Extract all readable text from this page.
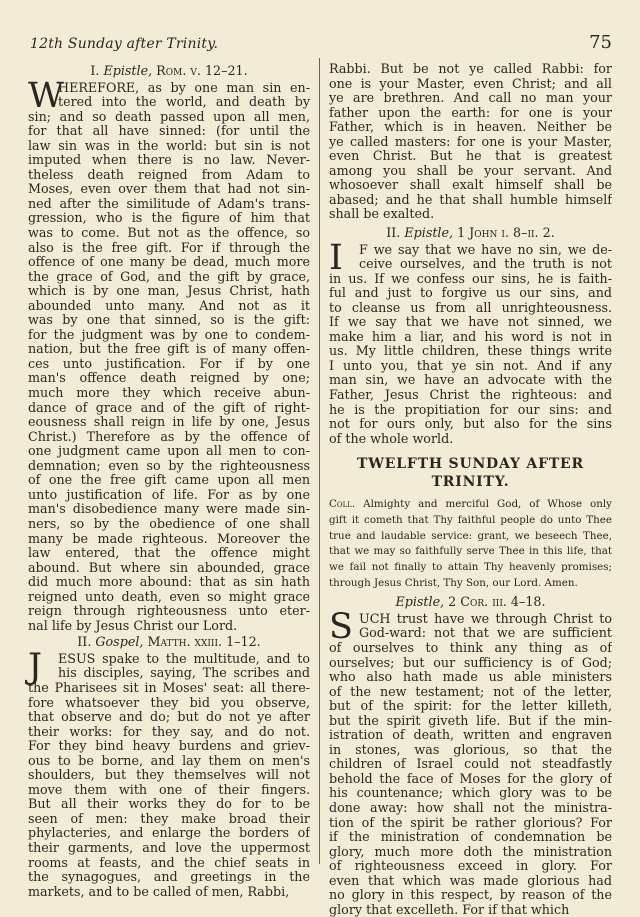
12th Sunday after Trinity.	75
I. Epistle, Rom. v. 12–21.
W
HEREFORE, as by one man sin en-
tered into the world, and death by
sin; and so death passed upon all men,
for that all have sinned: (for until the
law sin was in the world: but sin is not
imputed when there is no law. Never-
theless death reigned from Adam to
Moses, even over them that had not sin-
ned after the similitude of Adam's trans-
gression, who is the figure of him that
was to come. But not as the offence, so
also is the free gift. For if through the
offence of one many be dead, much more
the grace of God, and the gift by grace,
which is by one man, Jesus Christ, hath
abounded unto many. And not as it
was by one that sinned, so is the gift:
for the judgment was by one to condem-
nation, but the free gift is of many offen-
ces unto justification. For if by one
man's offence death reigned by one;
much more they which receive abun-
dance of grace and of the gift of right-
eousness shall reign in life by one, Jesus
Christ.) Therefore as by the offence of
one judgment came upon all men to con-
demnation; even so by the righteousness
of one the free gift came upon all men
unto justification of life. For as by one
man's disobedience many were made sin-
ners, so by the obedience of one shall
many be made righteous. Moreover the
law entered, that the offence might
abound. But where sin abounded, grace
did much more abound: that as sin hath
reigned unto death, even so might grace
reign through righteousness unto eter-
nal life by Jesus Christ our Lord.
II. Gospel, Matth. xxiii. 1–12.
J	ESUS spake to the multitude, and to
his disciples, saying, The scribes and
the Pharisees sit in Moses' seat: all there-
fore whatsoever they bid you observe,
that observe and do; but do not ye after
their works: for they say, and do not.
For they bind heavy burdens and griev-
ous to be borne, and lay them on men's
shoulders, but they themselves will not
move them with one of their fingers.
But all their works they do for to be
seen of men: they make broad their
phylacteries, and enlarge the borders of
their garments, and love the uppermost
rooms at feasts, and the chief seats in
the synagogues, and greetings in the
markets, and to be called of men, Rabbi,
Rabbi. But be not ye called Rabbi: for
one is your Master, even Christ; and all
ye are brethren. And call no man your
father upon the earth: for one is your
Father, which is in heaven. Neither be
ye called masters: for one is your Master,
even Christ. But he that is greatest
among you shall be your servant. And
whosoever shall exalt himself shall be
abased; and he that shall humble himself
shall be exalted.
II. Epistle, 1 John i. 8–ii. 2.
I	F we say that we have no sin, we de-
ceive ourselves, and the truth is not
in us. If we confess our sins, he is faith-
ful and just to forgive us our sins, and
to cleanse us from all unrighteousness.
If we say that we have not sinned, we
make him a liar, and his word is not in
us. My little children, these things write
I unto you, that ye sin not. And if any
man sin, we have an advocate with the
Father, Jesus Christ the righteous: and
he is the propitiation for our sins: and
not for ours only, but also for the sins
of the whole world.
TWELFTH SUNDAY AFTER TRINITY.
Coll. Almighty and merciful God, of Whose only
gift it cometh that Thy faithful people do unto Thee
true and laudable service: grant, we beseech Thee,
that we may so faithfully serve Thee in this life, that
we fail not finally to attain Thy heavenly promises;
through Jesus Christ, Thy Son, our Lord. Amen.
Epistle, 2 Cor. iii. 4–18.
S UCH trust have we through Christ to
God-ward: not that we are sufficient
of ourselves to think any thing as of
ourselves; but our sufficiency is of God;
who also hath made us able ministers
of the new testament; not of the letter,
but of the spirit: for the letter killeth,
but the spirit giveth life. But if the min-
istration of death, written and engraven
in stones, was glorious, so that the
children of Israel could not steadfastly
behold the face of Moses for the glory of
his countenance; which glory was to be
done away: how shall not the ministra-
tion of the spirit be rather glorious? For
if the ministration of condemnation be
glory, much more doth the ministration
of righteousness exceed in glory. For
even that which was made glorious had
no glory in this respect, by reason of the
glory that excelleth. For if that which
